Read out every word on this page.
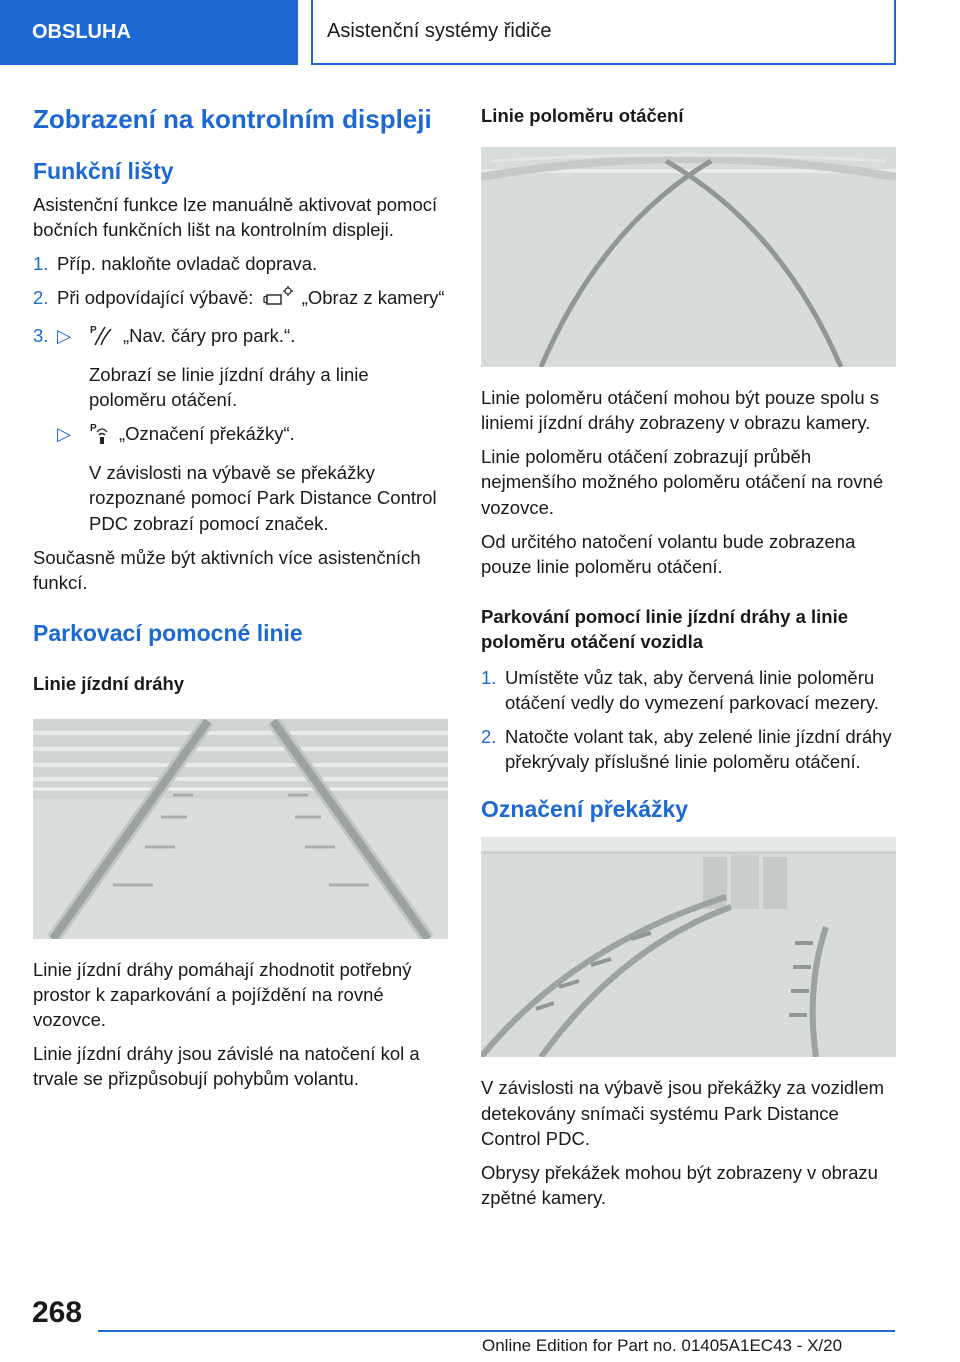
OBSLUHA	Asistenční systémy řidiče
Zobrazení na kontrolním displeji
Funkční lišty

Asistenční funkce lze manuálně aktivovat pomocí bočních funkčních lišt na kontrolním displeji.

1. Příp. nakloňte ovladač doprava.
2. Při odpovídající výbavě:	„Obraz z kamery“
3. ▷	P „Nav. čáry pro park.“.

Zobrazí se linie jízdní dráhy a linie poloměru otáčení.

▷	P „Označení překážky“.

V závislosti na výbavě se překážky rozpoznané pomocí Park Distance Control PDC zobrazí pomocí značek.

Současně může být aktivních více asistenčních funkcí.

Parkovací pomocné linie
Linie jízdní dráhy

Linie jízdní dráhy pomáhají zhodnotit potřebný prostor k zaparkování a pojíždění na rovné vozovce.

Linie jízdní dráhy jsou závislé na natočení kol a trvale se přizpůsobují pohybům volantu.

Linie poloměru otáčení

Linie poloměru otáčení mohou být pouze spolu s liniemi jízdní dráhy zobrazeny v obrazu kamery.

Linie poloměru otáčení zobrazují průběh nejmenšího možného poloměru otáčení na rovné vozovce.

Od určitého natočení volantu bude zobrazena pouze linie poloměru otáčení.

Parkování pomocí linie jízdní dráhy a linie poloměru otáčení vozidla
1. Umístěte vůz tak, aby červená linie poloměru otáčení vedly do vymezení parkovací mezery.
2. Natočte volant tak, aby zelené linie jízdní dráhy překrývaly příslušné linie poloměru otáčení.
Označení překážky

V závislosti na výbavě jsou překážky za vozidlem detekovány snímači systému Park Distance Control PDC.

Obrysy překážek mohou být zobrazeny v obrazu zpětné kamery.

268
Online Edition for Part no. 01405A1EC43 - X/20
